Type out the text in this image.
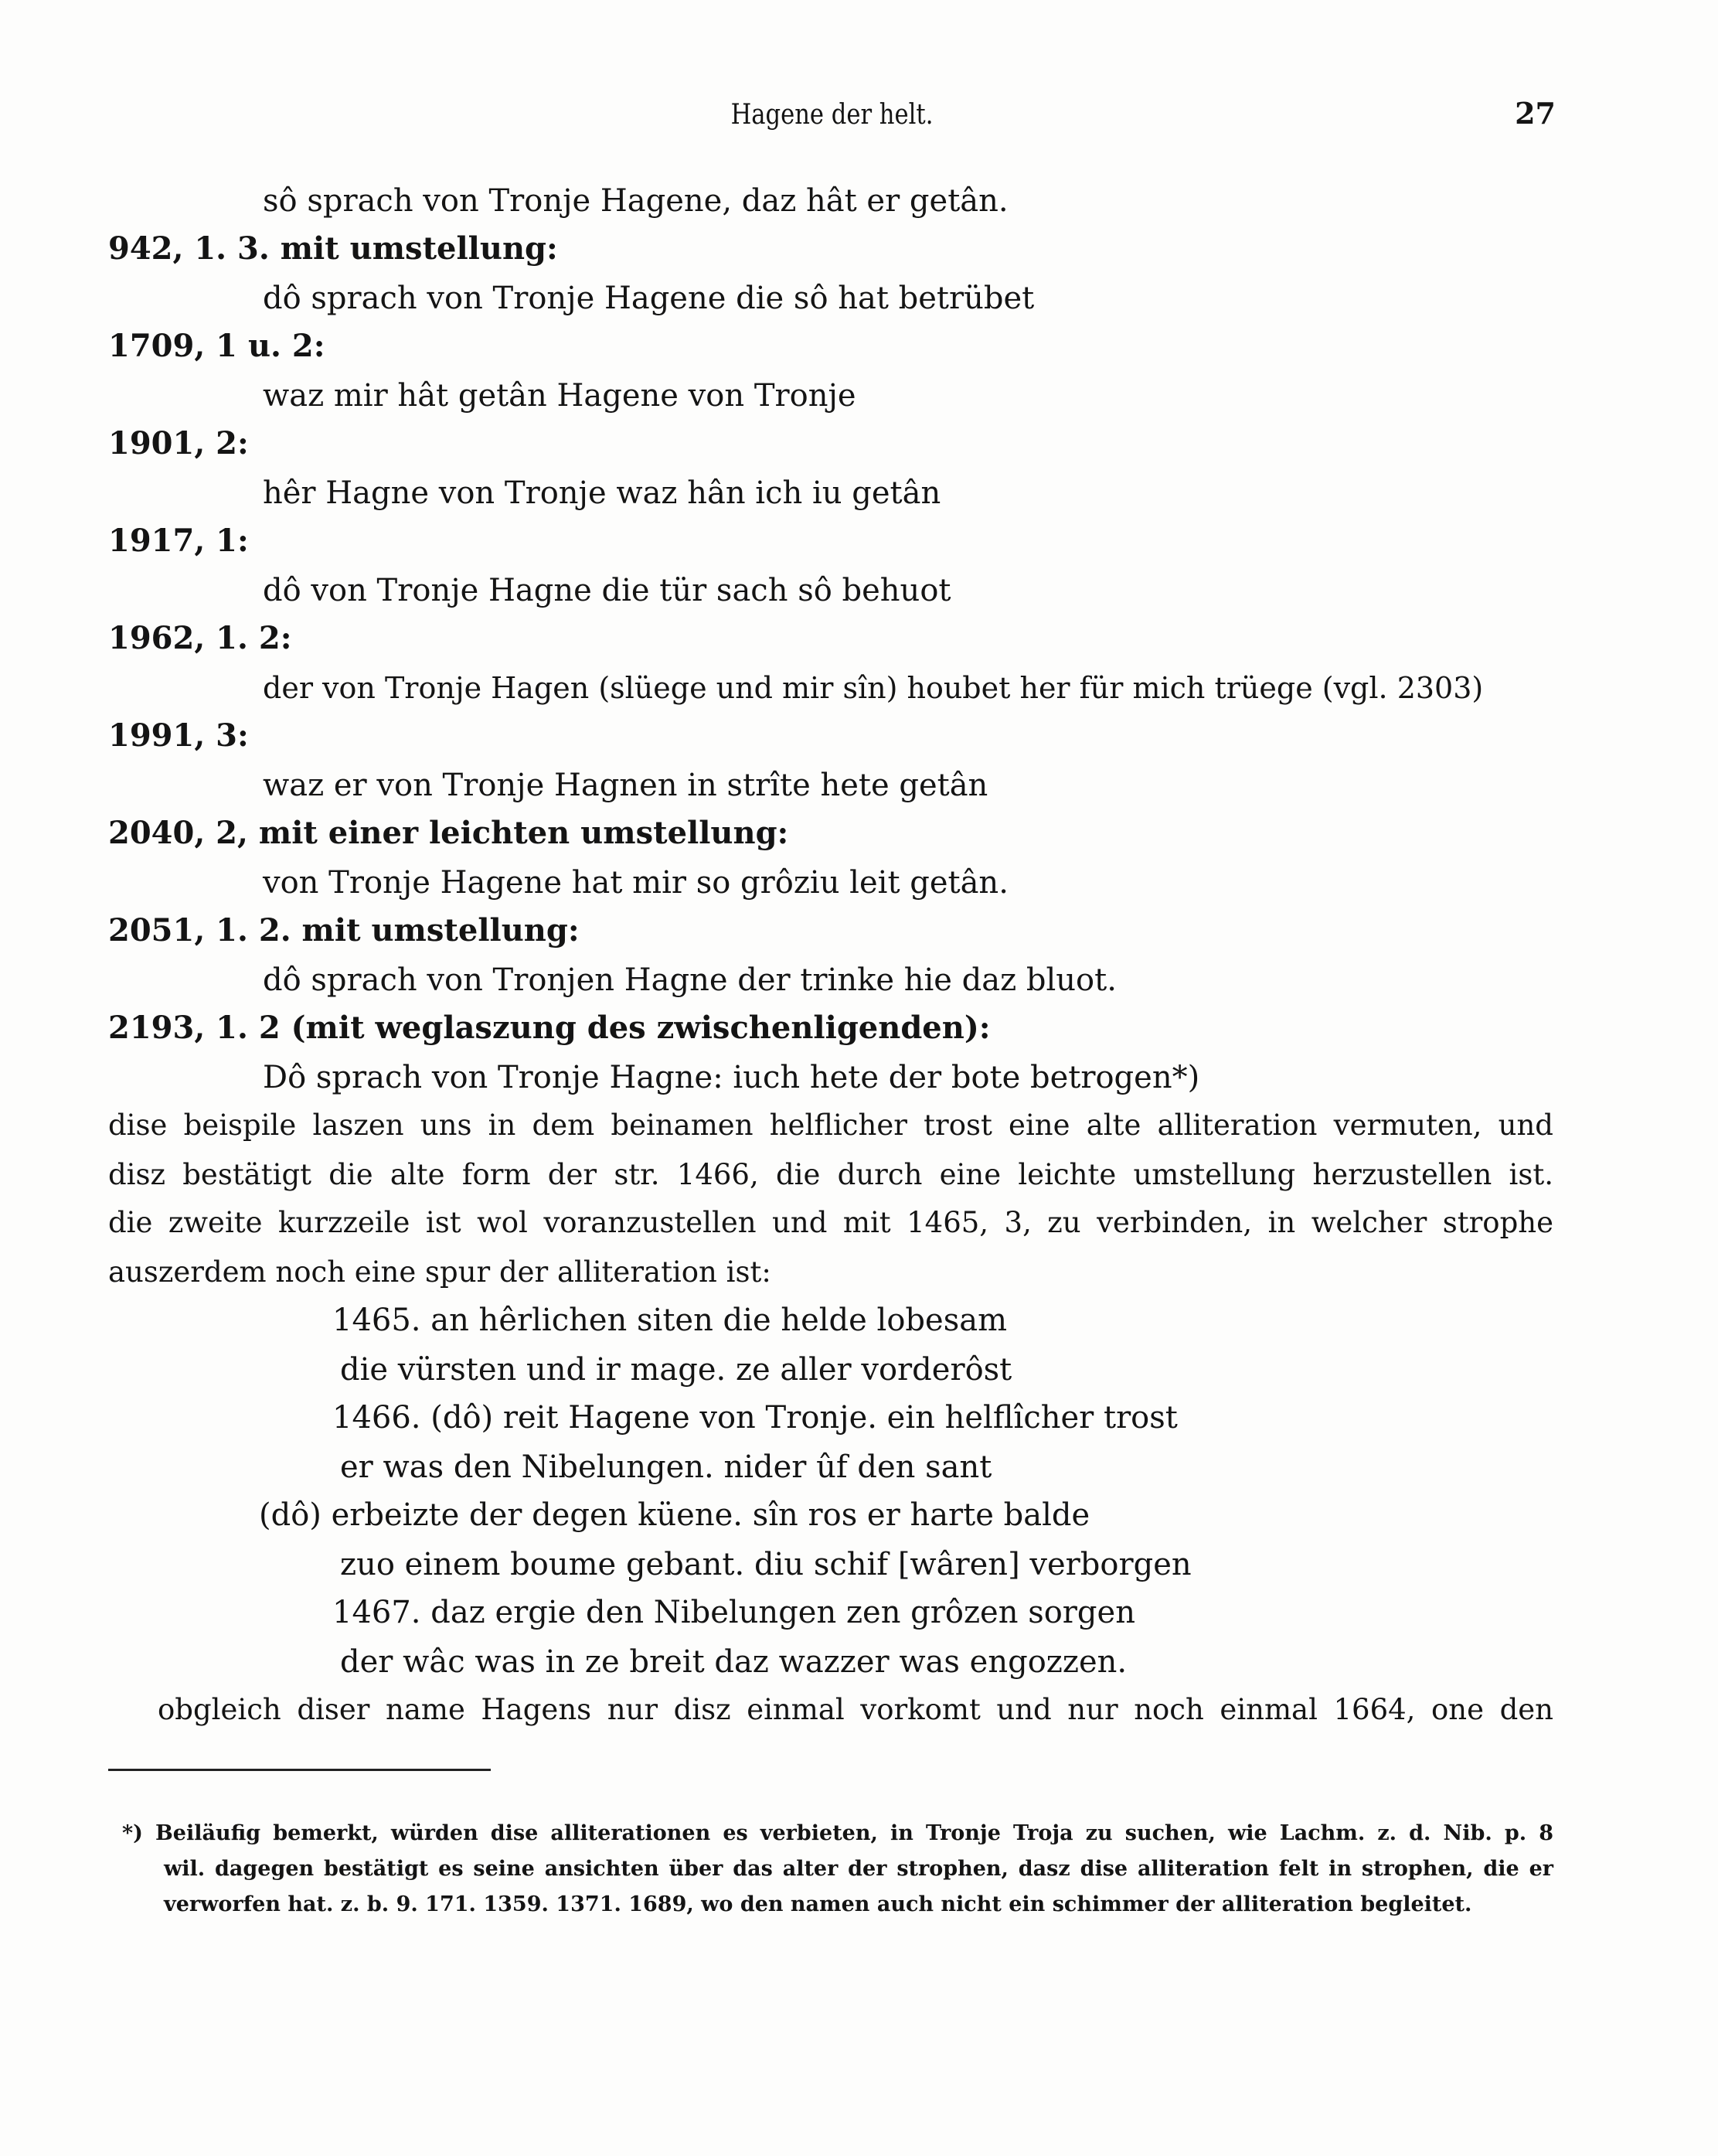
Hagene der helt.	27
sô sprach von Tronje Hagene, daz hât er getân.
942, 1. 3. mit umstellung:
dô sprach von Tronje Hagene die sô hat betrübet
1709, 1 u. 2:
waz mir hât getân Hagene von Tronje
1901, 2:
hêr Hagne von Tronje waz hân ich iu getân
1917, 1:
dô von Tronje Hagne die tür sach sô behuot
1962, 1. 2:
der von Tronje Hagen (slüege und mir sîn) houbet her für mich trüege (vgl. 2303)
1991, 3:
waz er von Tronje Hagnen in strîte hete getân
2040, 2, mit einer leichten umstellung:
von Tronje Hagene hat mir so grôziu leit getân.
2051, 1. 2. mit umstellung:
dô sprach von Tronjen Hagne der trinke hie daz bluot.
2193, 1. 2 (mit weglaszung des zwischenligenden):
Dô sprach von Tronje Hagne: iuch hete der bote betrogen*)
dise beispile laszen uns in dem beinamen helflicher trost eine alte alliteration vermuten, und
disz bestätigt die alte form der str. 1466, die durch eine leichte umstellung herzustellen ist.
die zweite kurzzeile ist wol voranzustellen und mit 1465, 3, zu verbinden, in welcher strophe
auszerdem noch eine spur der alliteration ist:
1465. an hêrlichen siten die helde lobesam
die vürsten und ir mage. ze aller vorderôst
1466. (dô) reit Hagene von Tronje. ein helflîcher trost
er was den Nibelungen. nider ûf den sant
(dô) erbeizte der degen küene. sîn ros er harte balde
zuo einem boume gebant. diu schif [wâren] verborgen
1467. daz ergie den Nibelungen zen grôzen sorgen
der wâc was in ze breit daz wazzer was engozzen.
obgleich diser name Hagens nur disz einmal vorkomt und nur noch einmal 1664, one den
*) Beiläufig bemerkt, würden dise alliterationen es verbieten, in Tronje Troja zu suchen, wie Lachm. z. d. Nib. p. 8
wil. dagegen bestätigt es seine ansichten über das alter der strophen, dasz dise alliteration felt in strophen, die er
verworfen hat. z. b. 9. 171. 1359. 1371. 1689, wo den namen auch nicht ein schimmer der alliteration begleitet.
